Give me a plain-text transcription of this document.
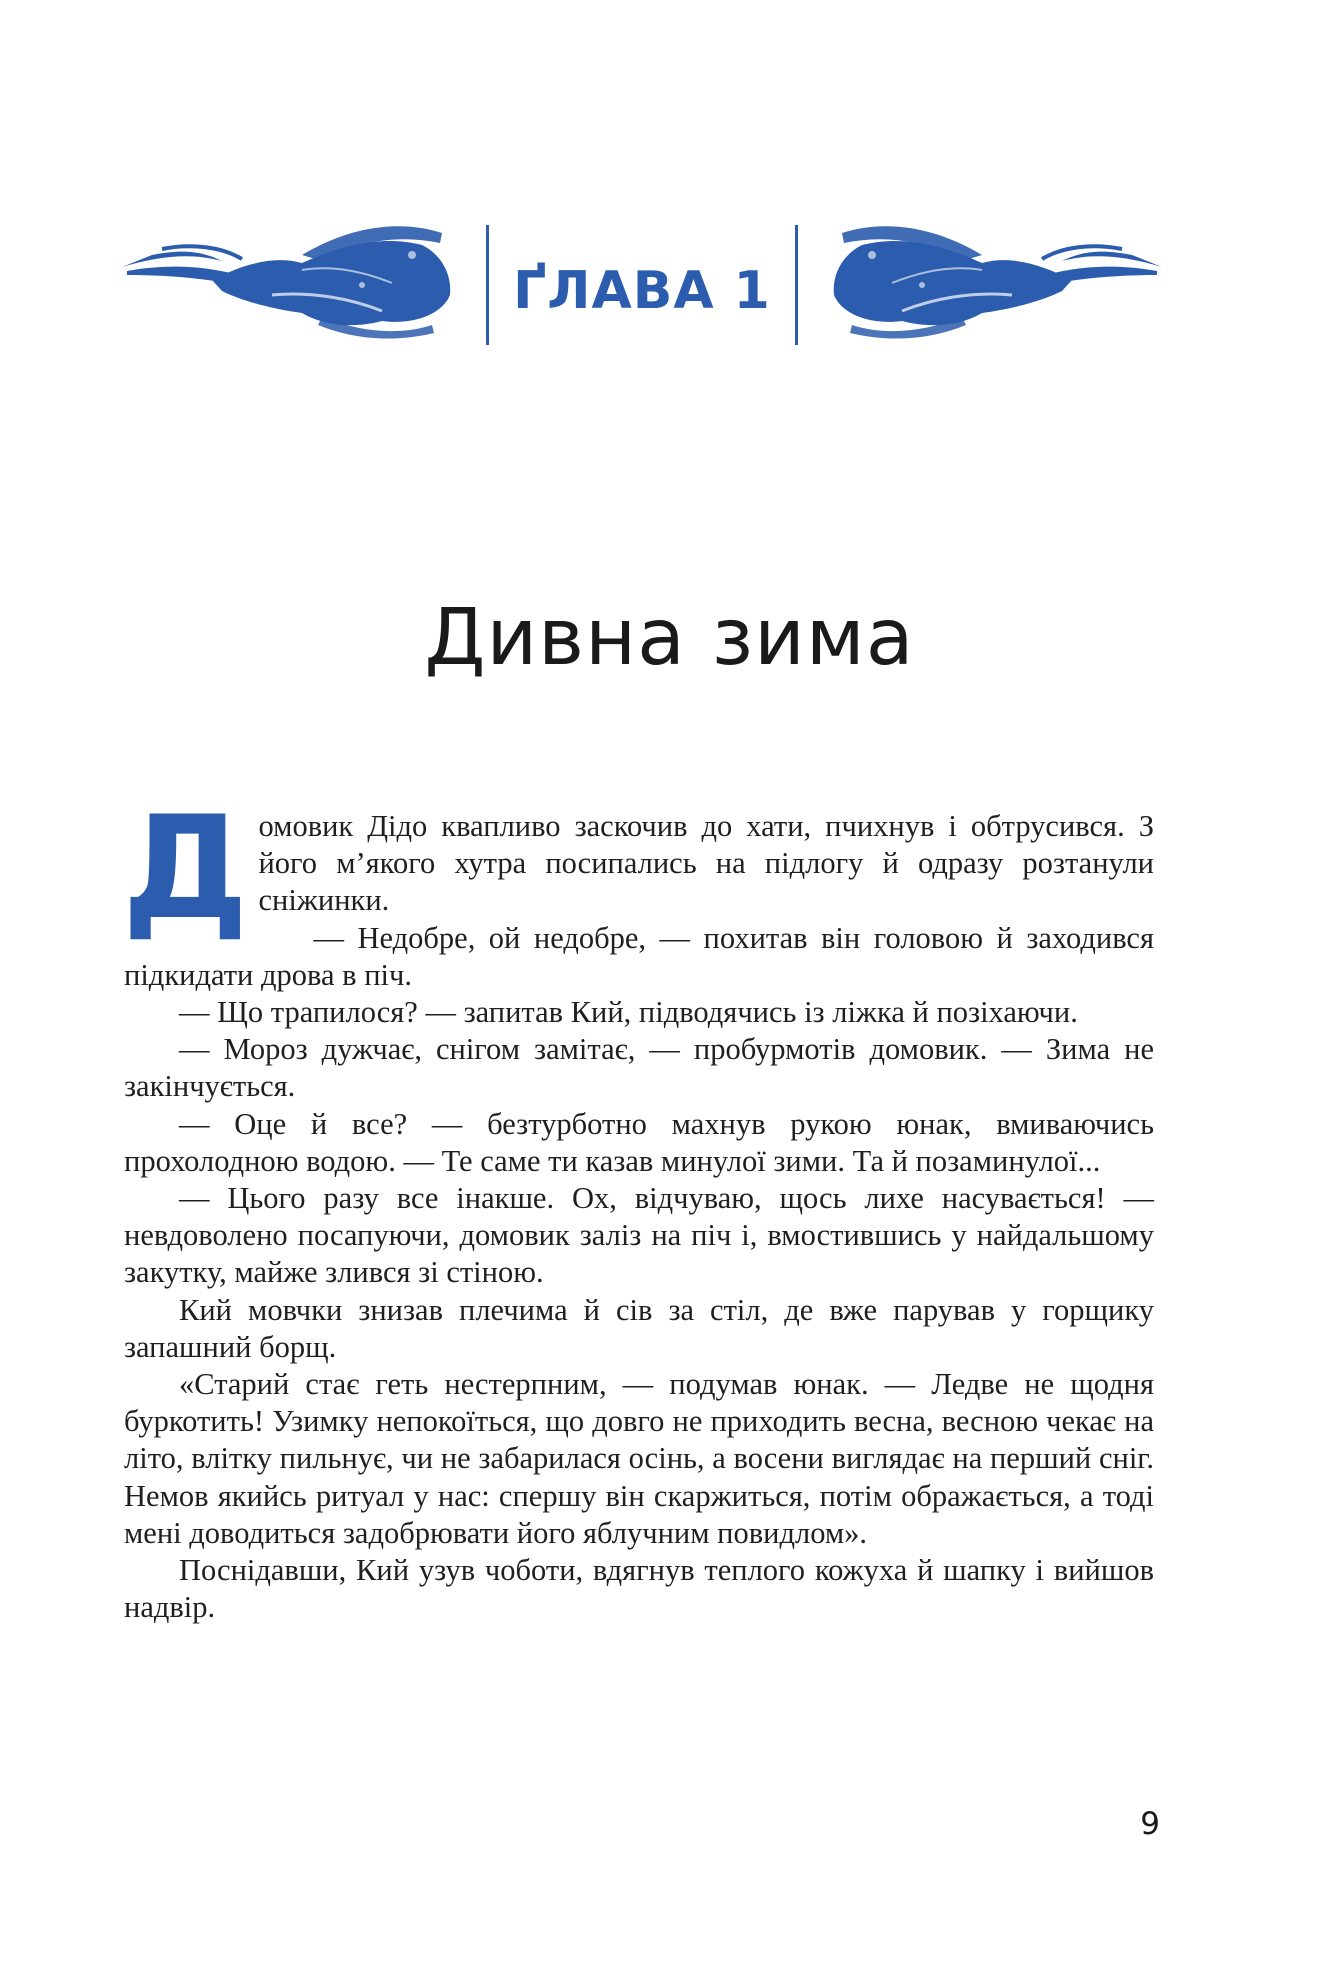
ҐЛАВА 1
Дивна зима

Домовик Дідо квапливо заскочив до хати, пчихнув і обтрусився. З його м’якого хутра посипались на підлогу й одразу розтанули сніжинки.

— Недобре, ой недобре, — похитав він головою й заходився підкидати дрова в піч.

— Що трапилося? — запитав Кий, підводячись із ліжка й позіхаючи.

— Мороз дужчає, снігом замітає, — пробурмотів домовик. — Зима не закінчується.

— Оце й все? — безтурботно махнув рукою юнак, вмиваючись прохолодною водою. — Те саме ти казав минулої зими. Та й позаминулої...

— Цього разу все інакше. Ох, відчуваю, щось лихе насувається! — невдоволено посапуючи, домовик заліз на піч і, вмостившись у найдальшому закутку, майже злився зі стіною.

Кий мовчки знизав плечима й сів за стіл, де вже парував у горщику запашний борщ.

«Старий стає геть нестерпним, — подумав юнак. — Ледве не щодня буркотить! Узимку непокоїться, що довго не приходить весна, весною чекає на літо, влітку пильнує, чи не забарилася осінь, а восени виглядає на перший сніг. Немов якийсь ритуал у нас: спершу він скаржиться, потім ображається, а тоді мені доводиться задобрювати його яблучним повидлом».

Поснідавши, Кий узув чоботи, вдягнув теплого кожуха й шапку і вийшов надвір.

9
